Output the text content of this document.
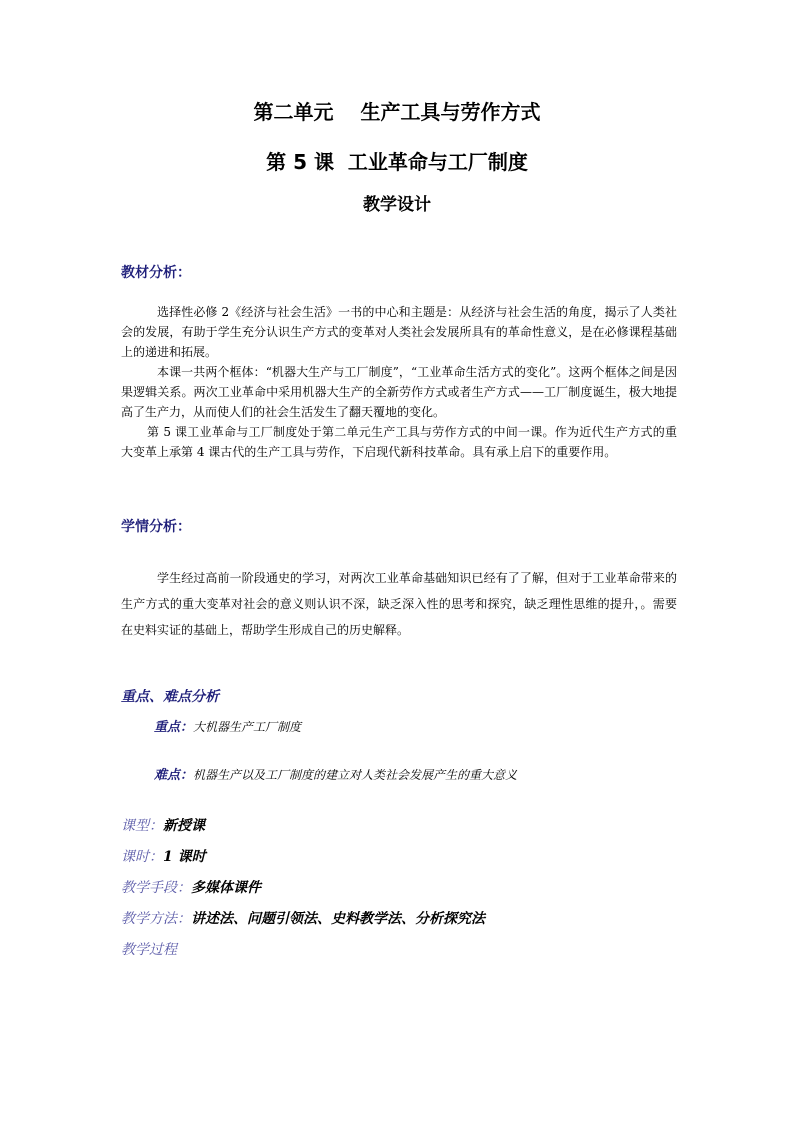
第二单元　 生产工具与劳作方式
第 5 课  工业革命与工厂制度
教学设计
教材分析：

选择性必修 2《经济与社会生活》一书的中心和主题是：从经济与社会生活的角度，揭示了人类社会的发展，有助于学生充分认识生产方式的变革对人类社会发展所具有的革命性意义，是在必修课程基础上的递进和拓展。

本课一共两个框体：“机器大生产与工厂制度”，“工业革命生活方式的变化”。这两个框体之间是因果逻辑关系。两次工业革命中采用机器大生产的全新劳作方式或者生产方式——工厂制度诞生，极大地提高了生产力，从而使人们的社会生活发生了翻天覆地的变化。

第 5 课工业革命与工厂制度处于第二单元生产工具与劳作方式的中间一课。作为近代生产方式的重大变革上承第 4 课古代的生产工具与劳作，下启现代新科技革命。具有承上启下的重要作用。

学情分析：

学生经过高前一阶段通史的学习，对两次工业革命基础知识已经有了了解，但对于工业革命带来的生产方式的重大变革对社会的意义则认识不深，缺乏深入性的思考和探究，缺乏理性思维的提升，。需要在史料实证的基础上，帮助学生形成自己的历史解释。

重点、难点分析
重点：大机器生产工厂制度
难点：机器生产以及工厂制度的建立对人类社会发展产生的重大意义
课型：新授课
课时：1 课时
教学手段：多媒体课件
教学方法：讲述法、问题引领法、史料教学法、分析探究法
教学过程
